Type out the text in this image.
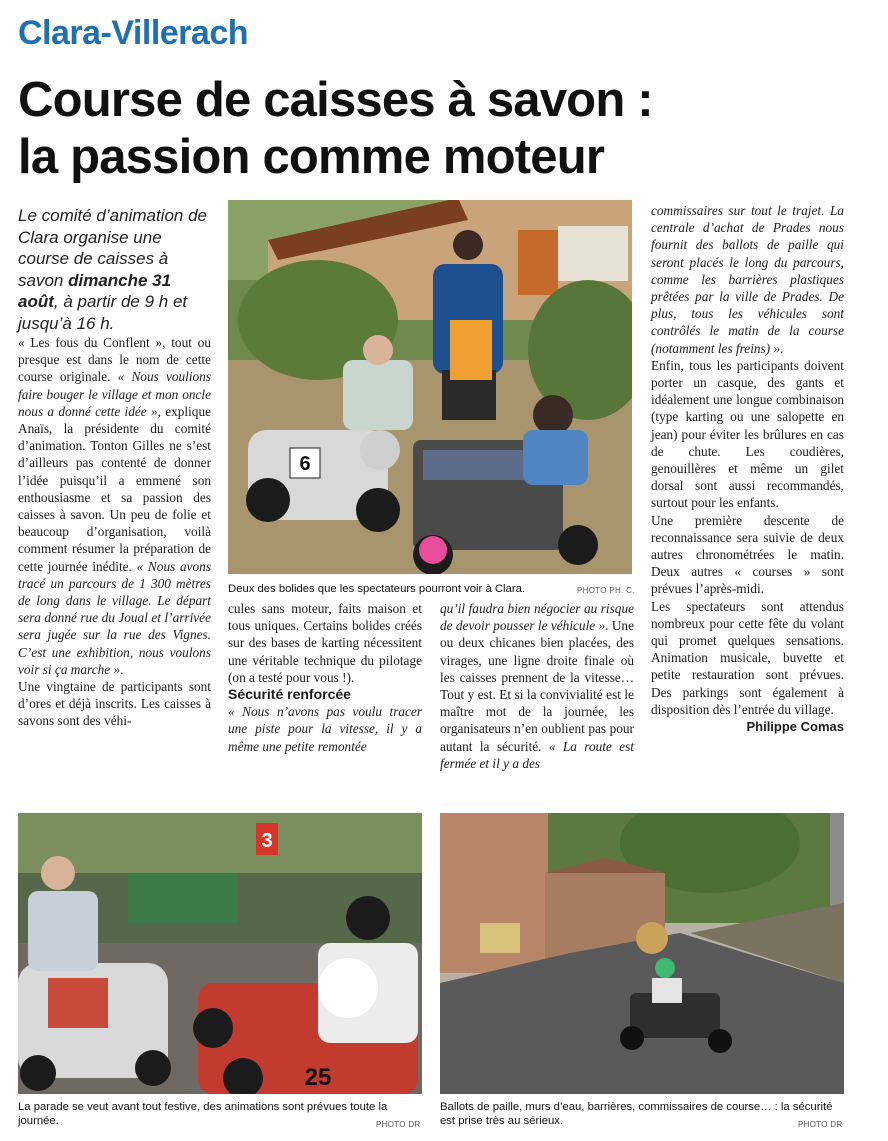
Clara-Villerach
Course de caisses à savon :
la passion comme moteur

Le comité d’animation de Clara organise une course de caisses à savon dimanche 31 août, à partir de 9 h et jusqu’à 16 h.

« Les fous du Conflent », tout ou presque est dans le nom de cette course originale. « Nous voulions faire bouger le village et mon oncle nous a donné cette idée », explique Anaïs, la présidente du comité d’animation. Tonton Gilles ne s’est d’ailleurs pas contenté de donner l’idée puisqu’il a emmené son enthousiasme et sa passion des caisses à savon. Un peu de folie et beaucoup d’organisation, voilà comment résumer la préparation de cette journée inédite. « Nous avons tracé un parcours de 1 300 mètres de long dans le village. Le départ sera donné rue du Joual et l’arrivée sera jugée sur la rue des Vignes. C’est une exhibition, nous voulons voir si ça marche ».

Une vingtaine de participants sont d’ores et déjà inscrits. Les caisses à savons sont des véhi-

6
Deux des bolides que les spectateurs pourront voir à Clara.	PHOTO PH. C.

cules sans moteur, faits maison et tous uniques. Certains bolides créés sur des bases de karting nécessitent une véritable technique du pilotage (on a testé pour vous !).

Sécurité renforcée

« Nous n’avons pas voulu tracer une piste pour la vitesse, il y a même une petite remontée

qu’il faudra bien négocier au risque de devoir pousser le véhicule ». Une ou deux chicanes bien placées, des virages, une ligne droite finale où les caisses prennent de la vitesse… Tout y est. Et si la convivialité est le maître mot de la journée, les organisateurs n’en oublient pas pour autant la sécurité. « La route est fermée et il y a des

commissaires sur tout le trajet. La centrale d’achat de Prades nous fournit des ballots de paille qui seront placés le long du parcours, comme les barrières plastiques prêtées par la ville de Prades. De plus, tous les véhicules sont contrôlés le matin de la course (notamment les freins) ».

Enfin, tous les participants doivent porter un casque, des gants et idéalement une longue combinaison (type karting ou une salopette en jean) pour éviter les brûlures en cas de chute. Les coudières, genouillères et même un gilet dorsal sont aussi recommandés, surtout pour les enfants.

Une première descente de reconnaissance sera suivie de deux autres chronométrées le matin. Deux autres « courses » sont prévues l’après-midi.

Les spectateurs sont attendus nombreux pour cette fête du volant qui promet quelques sensations. Animation musicale, buvette et petite restauration sont prévues. Des parkings sont également à disposition dès l’entrée du village.

Philippe Comas

3
25
La parade se veut avant tout festive, des animations sont prévues toute la journée.	PHOTO DR
Ballots de paille, murs d’eau, barrières, commissaires de course… : la sécurité est prise très au sérieux.	PHOTO DR
